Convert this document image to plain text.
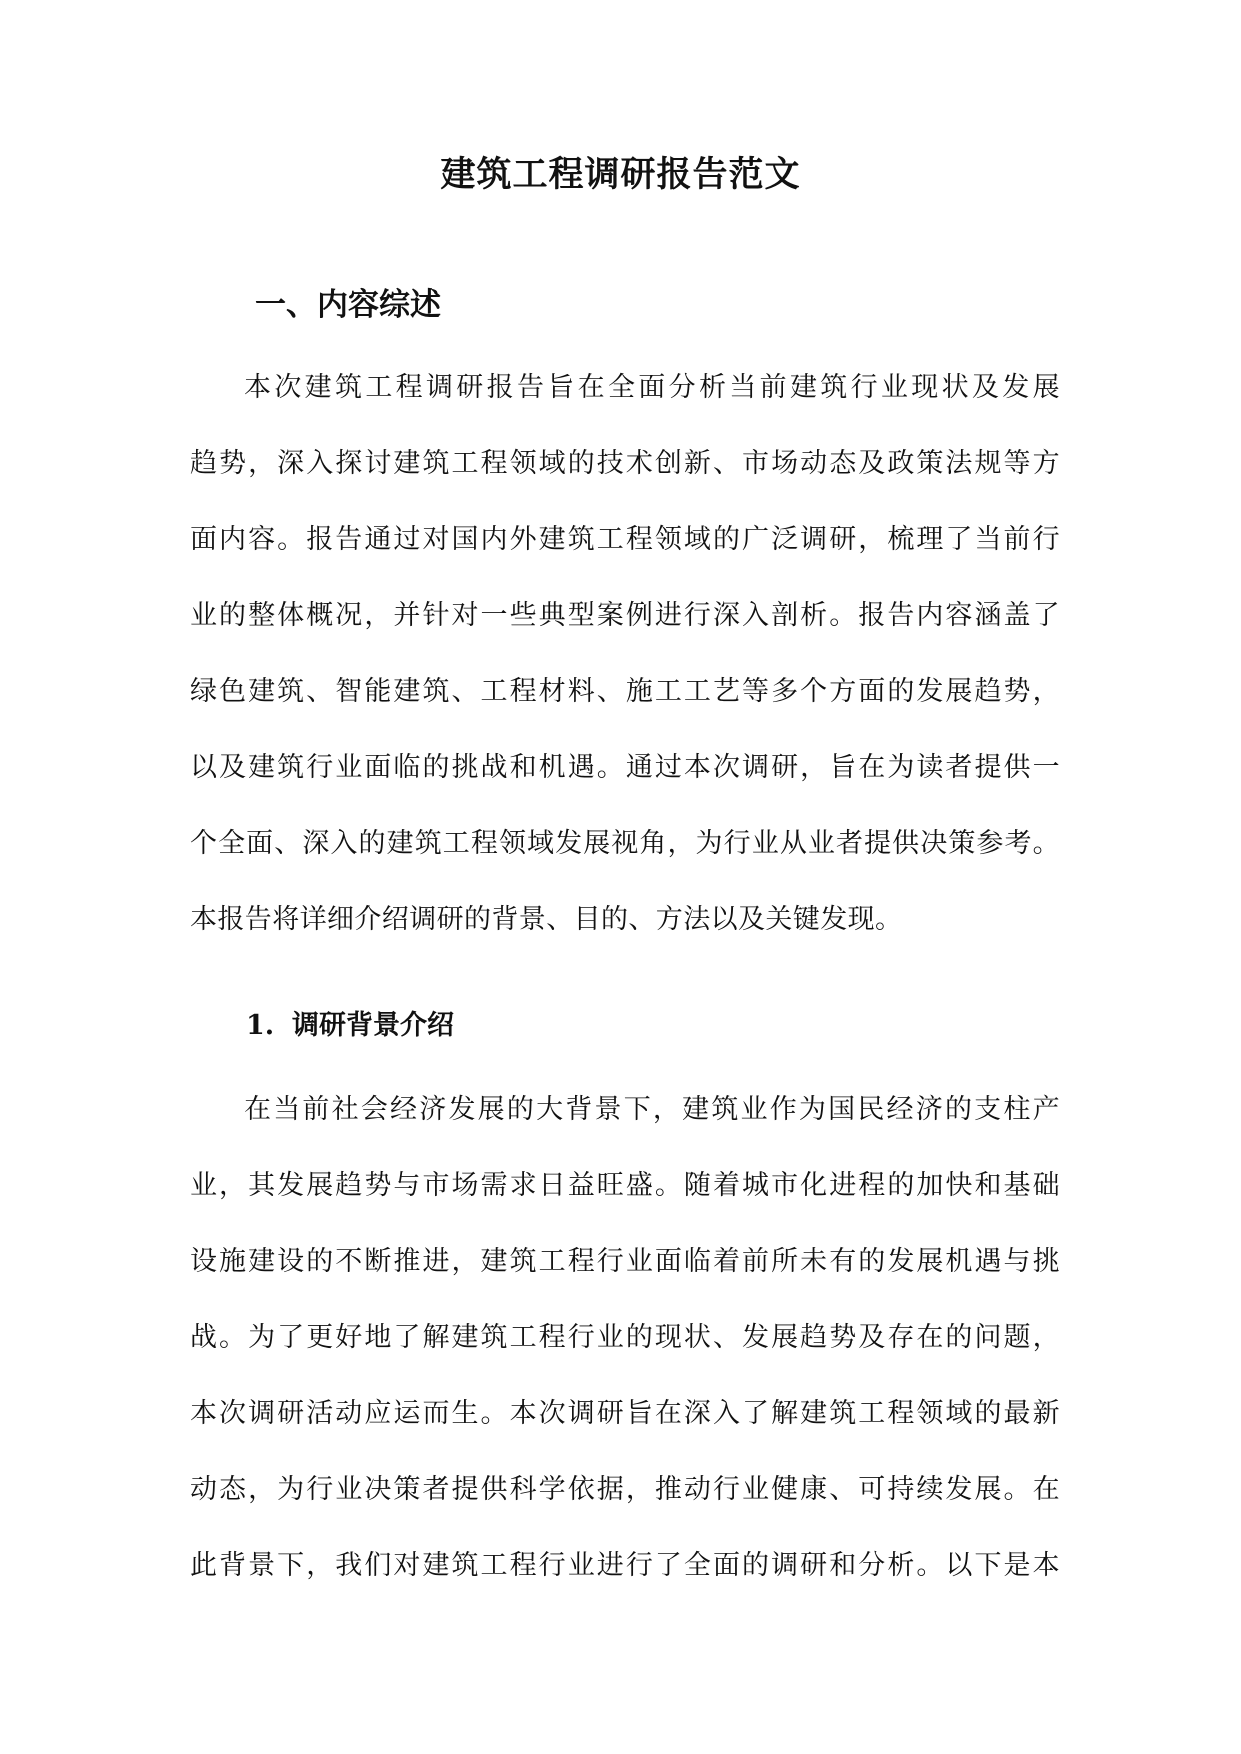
建筑工程调研报告范文
一、内容综述
本次建筑工程调研报告旨在全面分析当前建筑行业现状及发展
趋势，深入探讨建筑工程领域的技术创新、市场动态及政策法规等方
面内容。报告通过对国内外建筑工程领域的广泛调研，梳理了当前行
业的整体概况，并针对一些典型案例进行深入剖析。报告内容涵盖了
绿色建筑、智能建筑、工程材料、施工工艺等多个方面的发展趋势，
以及建筑行业面临的挑战和机遇。通过本次调研，旨在为读者提供一
个全面、深入的建筑工程领域发展视角，为行业从业者提供决策参考。
本报告将详细介绍调研的背景、目的、方法以及关键发现。
1. 调研背景介绍
在当前社会经济发展的大背景下，建筑业作为国民经济的支柱产
业，其发展趋势与市场需求日益旺盛。随着城市化进程的加快和基础
设施建设的不断推进，建筑工程行业面临着前所未有的发展机遇与挑
战。为了更好地了解建筑工程行业的现状、发展趋势及存在的问题，
本次调研活动应运而生。本次调研旨在深入了解建筑工程领域的最新
动态，为行业决策者提供科学依据，推动行业健康、可持续发展。在
此背景下，我们对建筑工程行业进行了全面的调研和分析。以下是本
